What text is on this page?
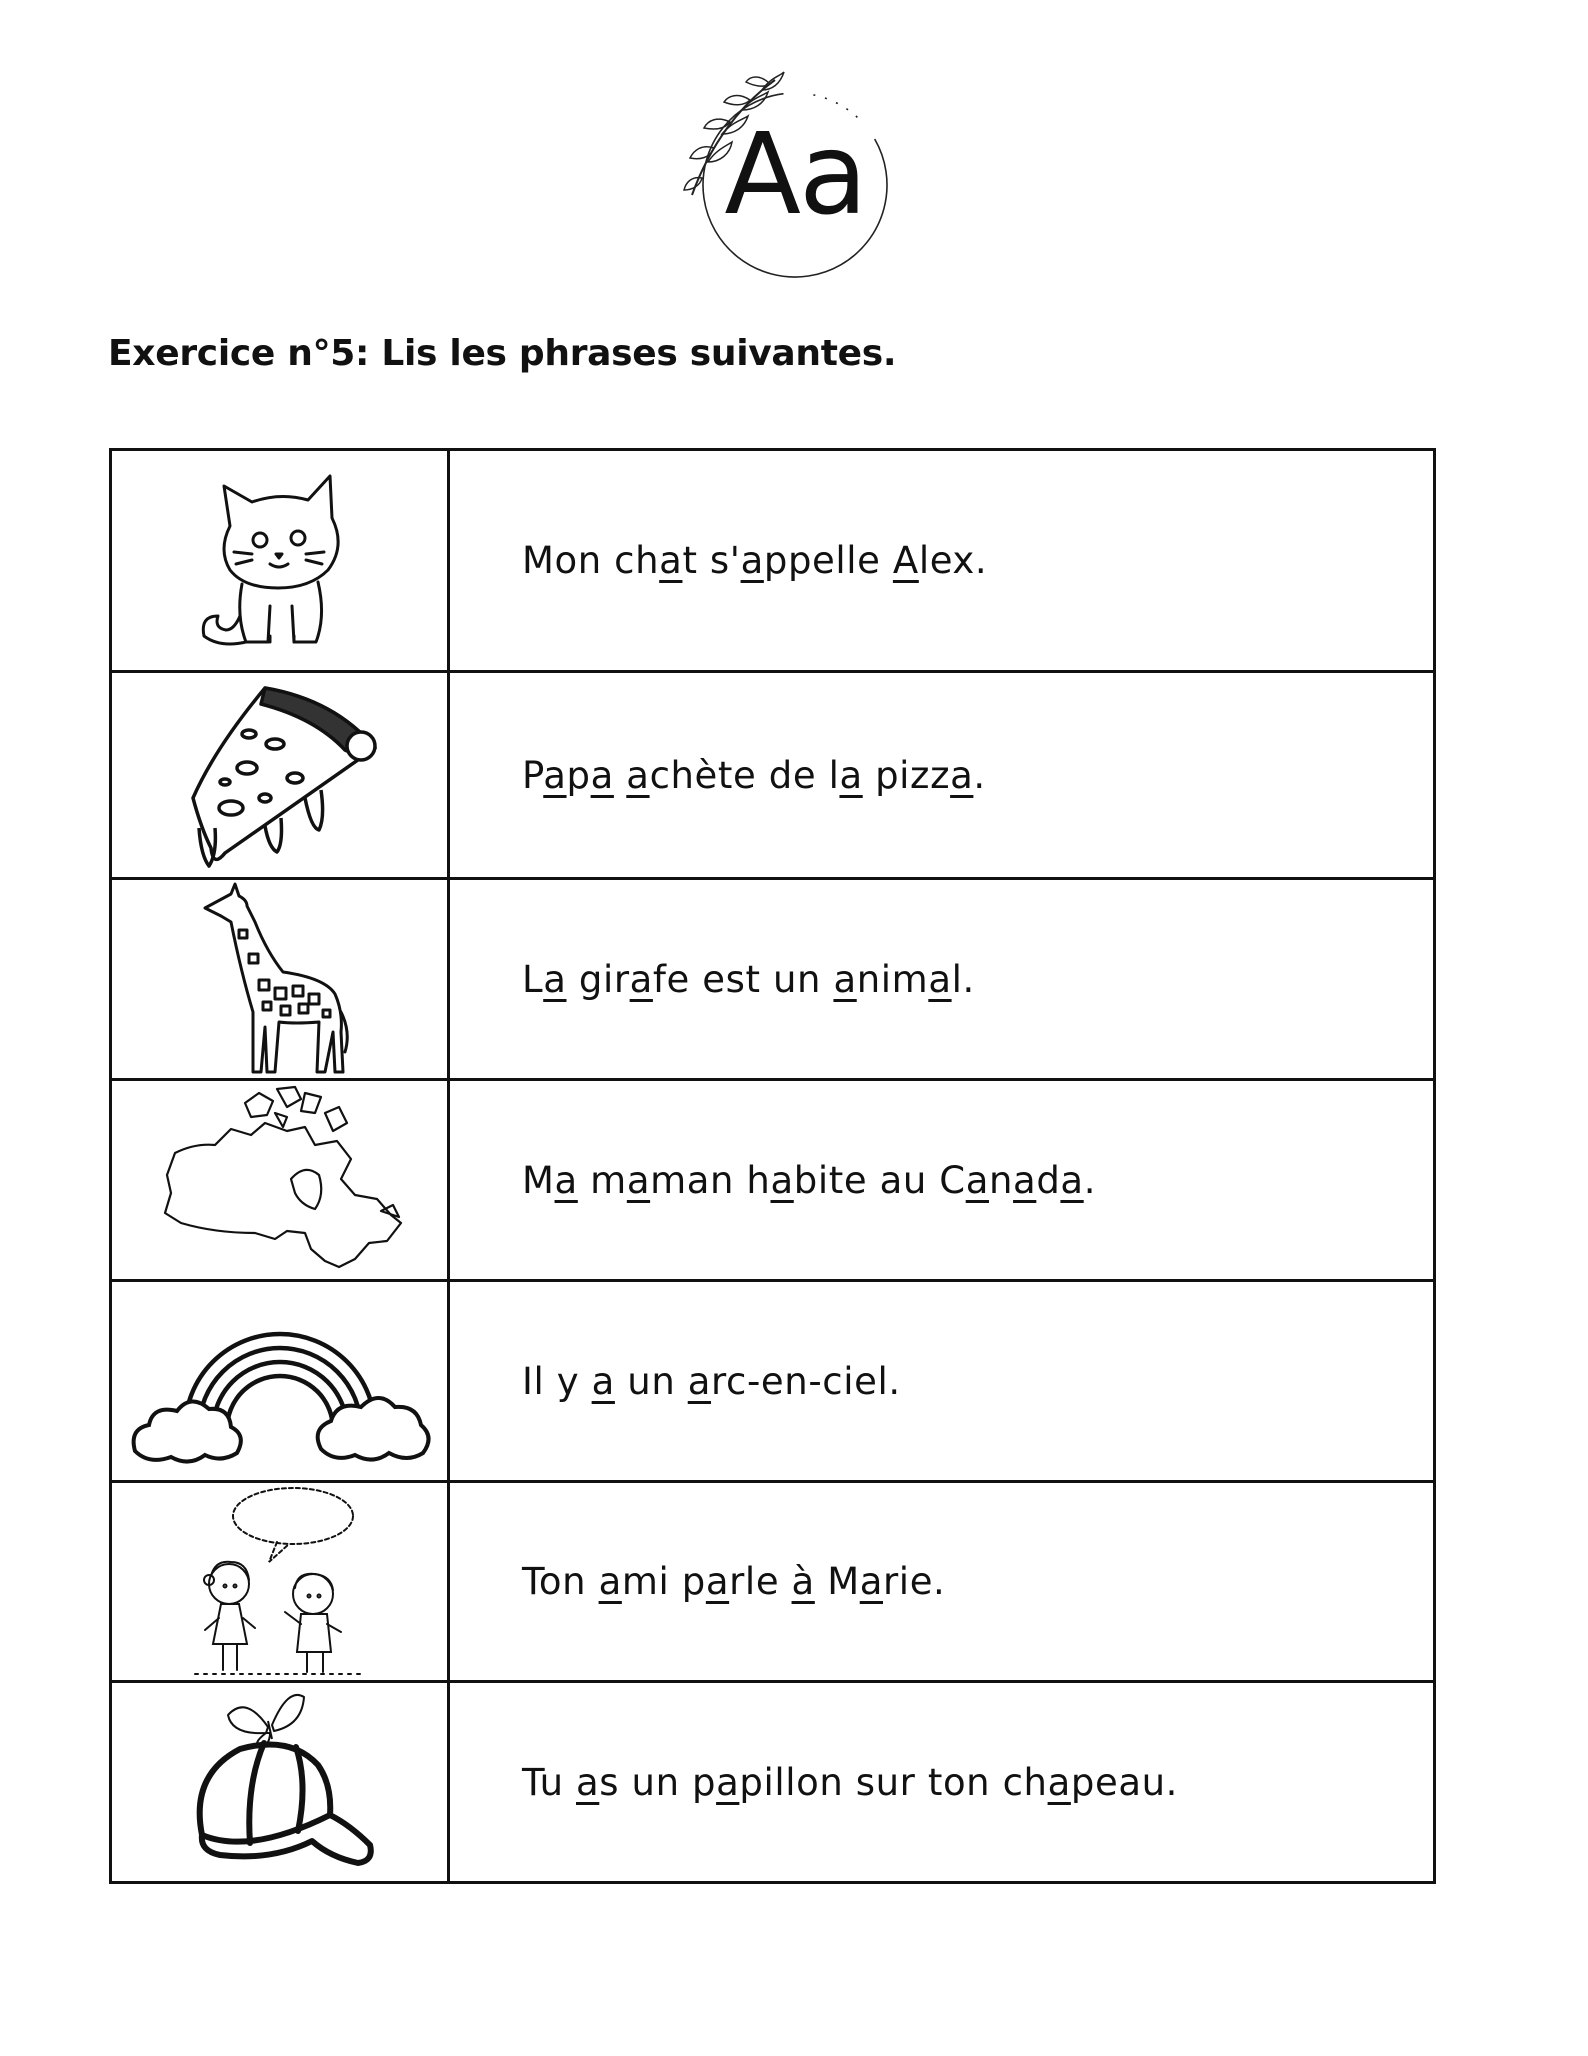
Aa
Exercice n°5: Lis les phrases suivantes.
	Mon chat s'appelle Alex.

	Papa achète de la pizza.

	La girafe est un animal.

	Ma maman habite au Canada.

	Il y a un arc-en-ciel.

	Ton ami parle à Marie.

	Tu as un papillon sur ton chapeau.
